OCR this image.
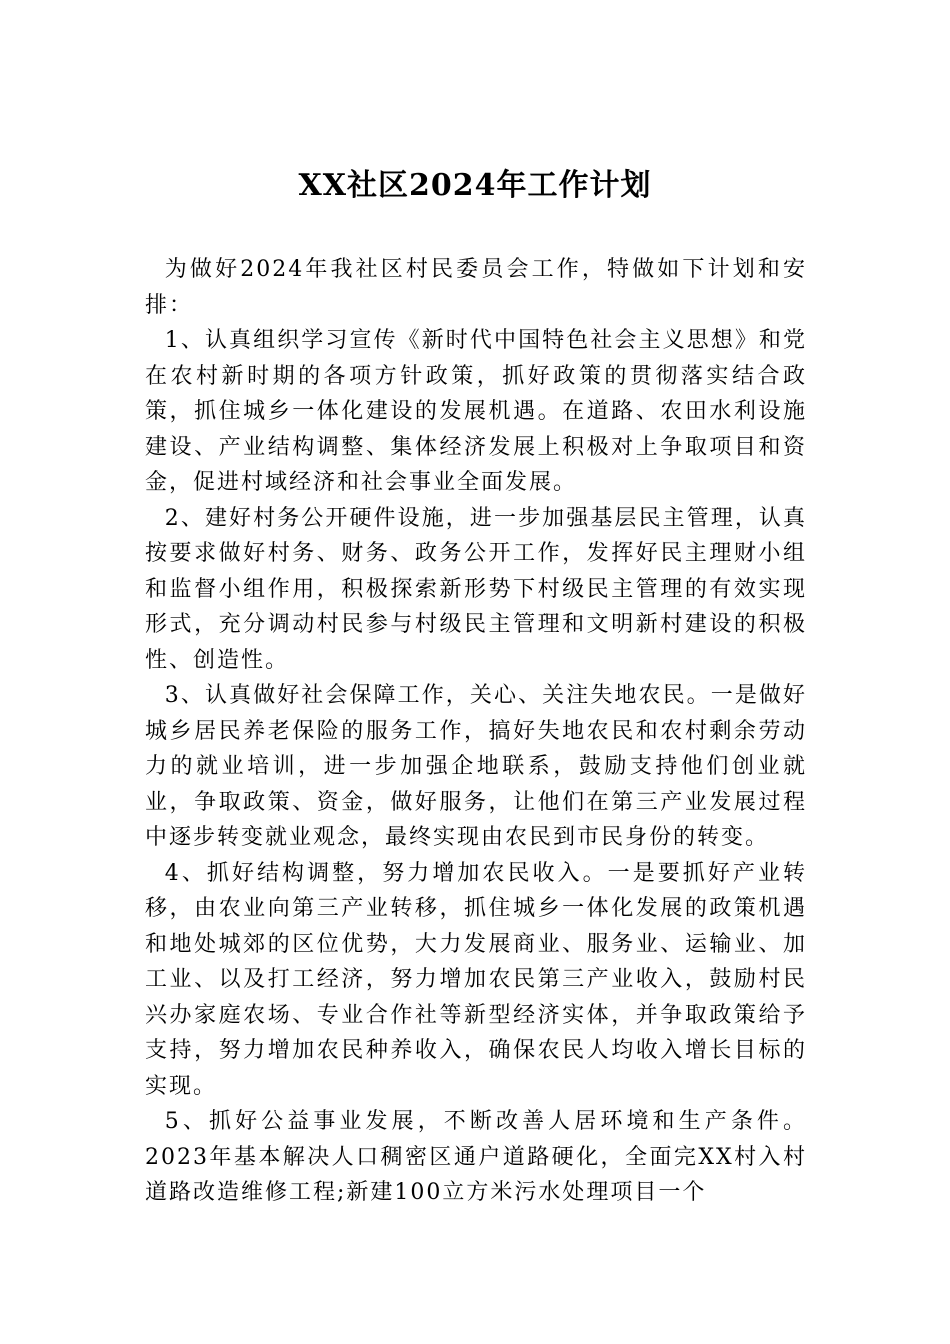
XX社区2024年工作计划

为做好2024年我社区村民委员会工作，特做如下计划和安排：

1、认真组织学习宣传《新时代中国特色社会主义思想》和党在农村新时期的各项方针政策，抓好政策的贯彻落实结合政策，抓住城乡一体化建设的发展机遇。在道路、农田水利设施建设、产业结构调整、集体经济发展上积极对上争取项目和资金，促进村域经济和社会事业全面发展。

2、建好村务公开硬件设施，进一步加强基层民主管理，认真按要求做好村务、财务、政务公开工作，发挥好民主理财小组和监督小组作用，积极探索新形势下村级民主管理的有效实现形式，充分调动村民参与村级民主管理和文明新村建设的积极性、创造性。

3、认真做好社会保障工作，关心、关注失地农民。一是做好城乡居民养老保险的服务工作，搞好失地农民和农村剩余劳动力的就业培训，进一步加强企地联系，鼓励支持他们创业就业，争取政策、资金，做好服务，让他们在第三产业发展过程中逐步转变就业观念，最终实现由农民到市民身份的转变。

4、抓好结构调整，努力增加农民收入。一是要抓好产业转移，由农业向第三产业转移，抓住城乡一体化发展的政策机遇和地处城郊的区位优势，大力发展商业、服务业、运输业、加工业、以及打工经济，努力增加农民第三产业收入，鼓励村民兴办家庭农场、专业合作社等新型经济实体，并争取政策给予支持，努力增加农民种养收入，确保农民人均收入增长目标的实现。

5、抓好公益事业发展，不断改善人居环境和生产条件。2023年基本解决人口稠密区通户道路硬化，全面完XX村入村道路改造维修工程;新建100立方米污水处理项目一个
